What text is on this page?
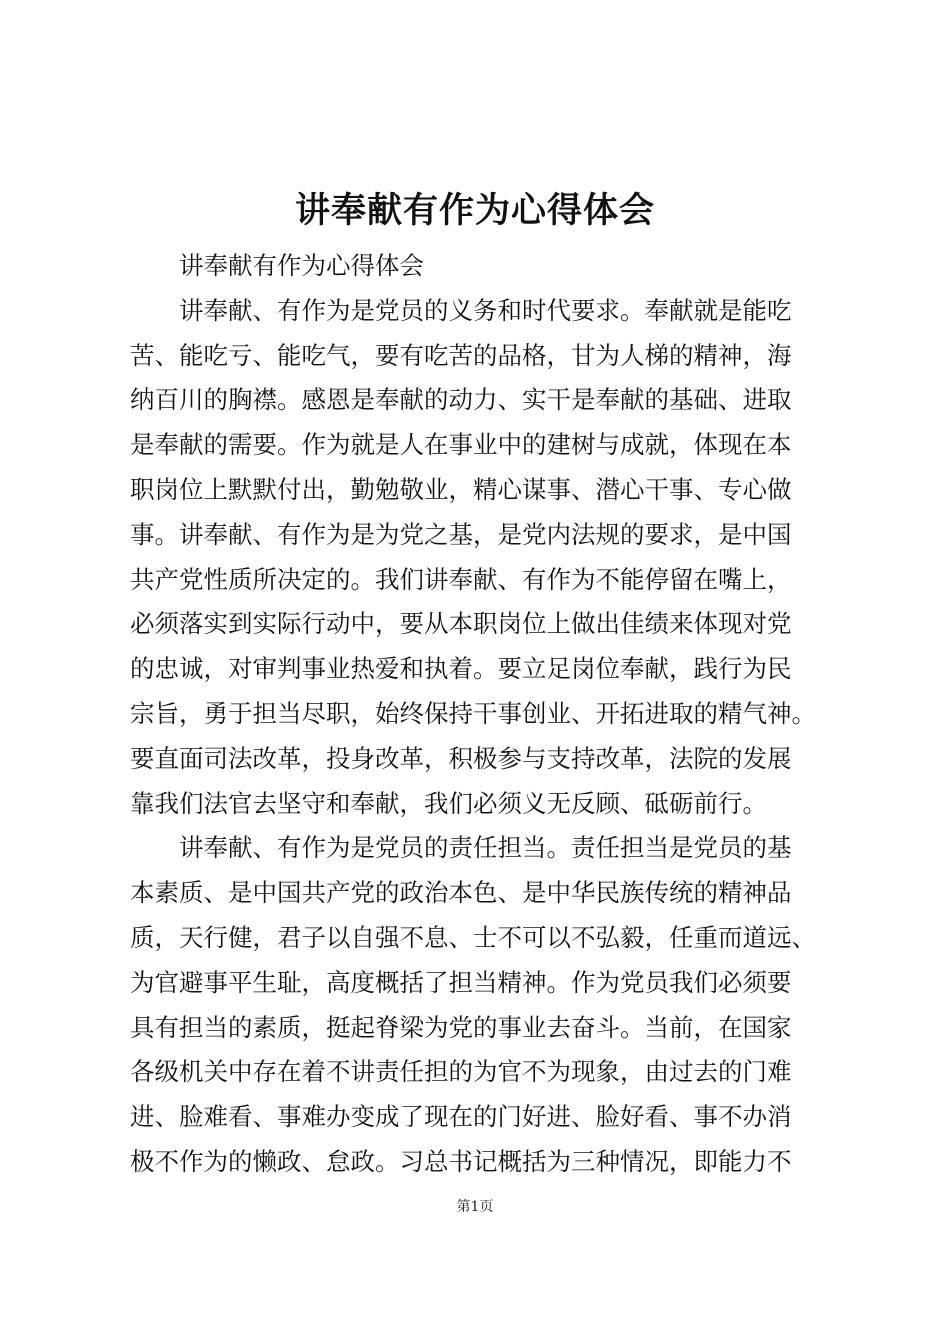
讲奉献有作为心得体会
讲奉献有作为心得体会
讲奉献、有作为是党员的义务和时代要求。奉献就是能吃
苦、能吃亏、能吃气，要有吃苦的品格，甘为人梯的精神，海
纳百川的胸襟。感恩是奉献的动力、实干是奉献的基础、进取
是奉献的需要。作为就是人在事业中的建树与成就，体现在本
职岗位上默默付出，勤勉敬业，精心谋事、潜心干事、专心做
事。讲奉献、有作为是为党之基，是党内法规的要求，是中国
共产党性质所决定的。我们讲奉献、有作为不能停留在嘴上，
必须落实到实际行动中，要从本职岗位上做出佳绩来体现对党
的忠诚，对审判事业热爱和执着。要立足岗位奉献，践行为民
宗旨，勇于担当尽职，始终保持干事创业、开拓进取的精气神。
要直面司法改革，投身改革，积极参与支持改革，法院的发展
靠我们法官去坚守和奉献，我们必须义无反顾、砥砺前行。
讲奉献、有作为是党员的责任担当。责任担当是党员的基
本素质、是中国共产党的政治本色、是中华民族传统的精神品
质，天行健，君子以自强不息、士不可以不弘毅，任重而道远、
为官避事平生耻，高度概括了担当精神。作为党员我们必须要
具有担当的素质，挺起脊梁为党的事业去奋斗。当前，在国家
各级机关中存在着不讲责任担的为官不为现象，由过去的门难
进、脸难看、事难办变成了现在的门好进、脸好看、事不办消
极不作为的懒政、怠政。习总书记概括为三种情况，即能力不
第1页
